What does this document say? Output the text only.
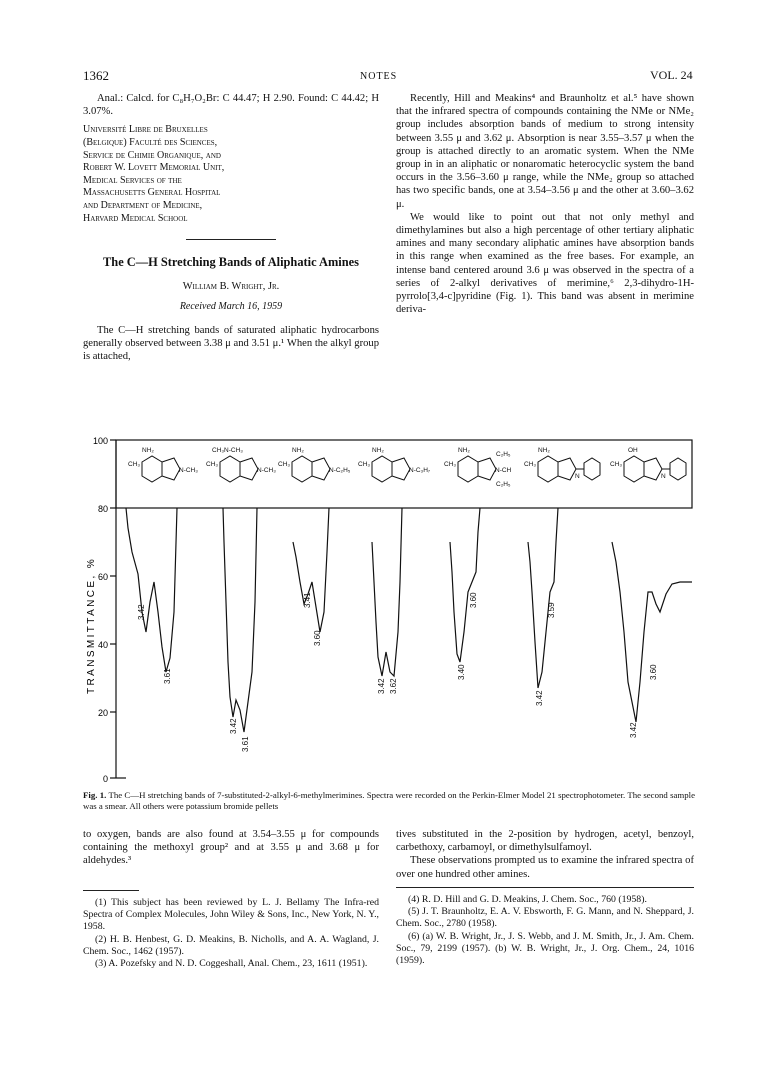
1362	NOTES	VOL. 24

Anal.: Calcd. for C₈H₇O₂Br: C 44.47; H 2.90. Found: C 44.42; H 3.07%.

Université Libre de Bruxelles
(Belgique) Faculté des Sciences,
Service de Chimie Organique, and
Robert W. Lovett Memorial Unit,
Medical Services of the
Massachusetts General Hospital
and Department of Medicine,
Harvard Medical School

The C—H Stretching Bands of Aliphatic Amines

William B. Wright, Jr.

Received March 16, 1959

The C—H stretching bands of saturated aliphatic hydrocarbons generally observed between 3.38 μ and 3.51 μ.¹ When the alkyl group is attached,

Recently, Hill and Meakins⁴ and Braunholtz et al.⁵ have shown that the infrared spectra of compounds containing the NMe or NMe₂ group includes absorption bands of medium to strong intensity between 3.55 μ and 3.62 μ. Absorption is near 3.55–3.57 μ when the group is attached directly to an aromatic system. When the NMe group in in an aliphatic or nonaromatic heterocyclic system the band occurs in the 3.56–3.60 μ range, while the NMe₂ group so attached has two specific bands, one at 3.54–3.56 μ and the other at 3.60–3.62 μ.

We would like to point out that not only methyl and dimethylamines but also a high percentage of other tertiary aliphatic amines and many secondary aliphatic amines have absorption bands in this range when examined as the free bases. For example, an intense band centered around 3.6 μ was observed in the spectra of a series of 2-alkyl derivatives of merimine,⁶ 2,3-dihydro-1H-pyrrolo[3,4-c]pyridine (Fig. 1). This band was absent in merimine deriva-

100
80
60
40
20
0
TRANSMITTANCE, %
NH₂
CH₃
N-CH₃
CH₃N-CH₃
CH₃
N-CH₃
NH₂
CH₃
N-C₂H₅
NH₂
CH₃
N-C₃H₇
NH₂
CH₃
C₂H₅
N-CH
C₂H₅
NH₂
CH₃
N
OH
CH₃
N
3.42
3.61
3.42
3.61
3.41
3.60
3.42 3.62
3.40
3.60
3.59
3.42
3.42
3.60
Fig. 1. The C—H stretching bands of 7-substituted-2-alkyl-6-methylmerimines. Spectra were recorded on the Perkin-Elmer Model 21 spectrophotometer. The second sample was a smear. All others were potassium bromide pellets

to oxygen, bands are also found at 3.54–3.55 μ for compounds containing the methoxyl group² and at 3.55 μ and 3.68 μ for aldehydes.³

(1) This subject has been reviewed by L. J. Bellamy The Infra-red Spectra of Complex Molecules, John Wiley & Sons, Inc., New York, N. Y., 1958.

(2) H. B. Henbest, G. D. Meakins, B. Nicholls, and A. A. Wagland, J. Chem. Soc., 1462 (1957).

(3) A. Pozefsky and N. D. Coggeshall, Anal. Chem., 23, 1611 (1951).

tives substituted in the 2-position by hydrogen, acetyl, benzoyl, carbethoxy, carbamoyl, or dimethylsulfamoyl.

These observations prompted us to examine the infrared spectra of over one hundred other amines.

(4) R. D. Hill and G. D. Meakins, J. Chem. Soc., 760 (1958).

(5) J. T. Braunholtz, E. A. V. Ebsworth, F. G. Mann, and N. Sheppard, J. Chem. Soc., 2780 (1958).

(6) (a) W. B. Wright, Jr., J. S. Webb, and J. M. Smith, Jr., J. Am. Chem. Soc., 79, 2199 (1957). (b) W. B. Wright, Jr., J. Org. Chem., 24, 1016 (1959).
